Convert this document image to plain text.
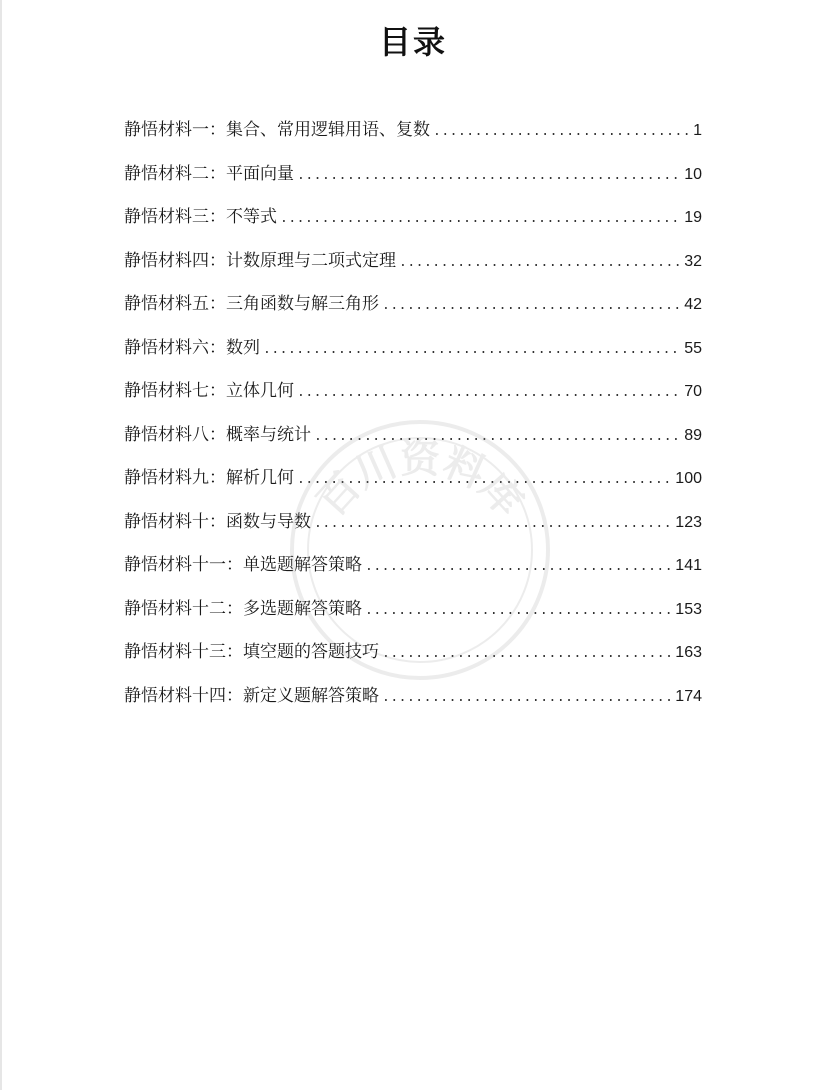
目录
静悟材料一：集合、常用逻辑用语、复数 .....	1
静悟材料二：平面向量 .....	10
静悟材料三：不等式 .....	19
静悟材料四：计数原理与二项式定理 .....	32
静悟材料五：三角函数与解三角形 .....	42
静悟材料六：数列 .....	55
静悟材料七：立体几何 .....	70
静悟材料八：概率与统计 .....	89
静悟材料九：解析几何 .....	100
静悟材料十：函数与导数 .....	123
静悟材料十一：单选题解答策略 .....	141
静悟材料十二：多选题解答策略 .....	153
静悟材料十三：填空题的答题技巧 .....	163
静悟材料十四：新定义题解答策略 .....	174
百川资料库
